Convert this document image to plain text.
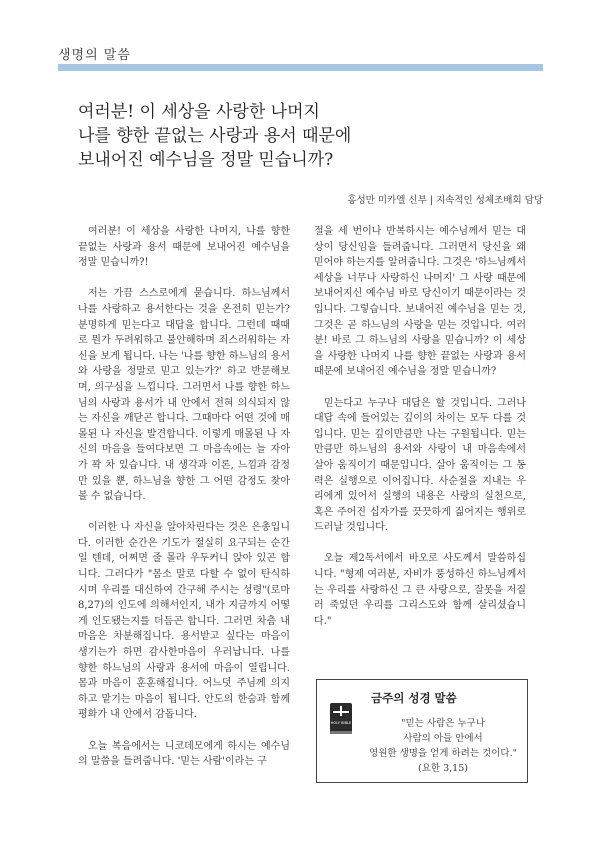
생명의 말씀
여러분! 이 세상을 사랑한 나머지
나를 향한 끝없는 사랑과 용서 때문에
보내어진 예수님을 정말 믿습니까?
홍성만 미카엘 신부 | 지속적인 성체조배회 담당

여러분! 이 세상을 사랑한 나머지, 나를 향한 끝없는 사랑과 용서 때문에 보내어진 예수님을 정말 믿습니까?!

저는 가끔 스스로에게 묻습니다. 하느님께서 나를 사랑하고 용서한다는 것을 온전히 믿는가? 분명하게 믿는다고 대답을 합니다. 그런데 때때로 뭔가 두려워하고 불안해하며 죄스러워하는 자신을 보게 됩니다. 나는 '나를 향한 하느님의 용서와 사랑을 정말로 믿고 있는가?' 하고 반문해보며, 의구심을 느낍니다. 그러면서 나를 향한 하느님의 사랑과 용서가 내 안에서 전혀 의식되지 않는 자신을 깨닫곤 합니다. 그때마다 어떤 것에 매몰된 나 자신을 발견합니다. 이렇게 매몰된 나 자신의 마음을 들여다보면 그 마음속에는 늘 자아가 꽉 차 있습니다. 내 생각과 이론, 느낌과 감정만 있을 뿐, 하느님을 향한 그 어떤 감정도 찾아볼 수 없습니다.

이러한 나 자신을 알아차린다는 것은 은총입니다. 이러한 순간은 기도가 절실히 요구되는 순간일 텐데, 어쩌면 줄 몰라 우두커니 앉아 있곤 합니다. 그러다가 "몸소 말로 다할 수 없이 탄식하시며 우리를 대신하여 간구해 주시는 성령"(로마 8,27)의 인도에 의해서인지, 내가 지금까지 어떻게 인도됐는지를 더듬곤 합니다. 그러면 차츰 내 마음은 차분해집니다. 용서받고 싶다는 마음이 생기는가 하면 감사한마음이 우러납니다. 나를 향한 하느님의 사랑과 용서에 마음이 열립니다. 몸과 마음이 훈훈해집니다. 어느덧 주님께 의지하고 맡기는 마음이 됩니다. 안도의 한숨과 함께 평화가 내 안에서 감돕니다.

오늘 복음에서는 니코데모에게 하시는 예수님의 말씀을 들려줍니다. '믿는 사람'이라는 구

절을 세 번이나 반복하시는 예수님께서 믿는 대상이 당신임을 들려줍니다. 그러면서 당신을 왜 믿어야 하는지를 알려줍니다. 그것은 '하느님께서 세상을 너무나 사랑하신 나머지' 그 사랑 때문에 보내어지신 예수님 바로 당신이기 때문이라는 것입니다. 그렇습니다. 보내어진 예수님을 믿는 것, 그것은 곧 하느님의 사랑을 믿는 것입니다. 여러분! 바로 그 하느님의 사랑을 믿습니까? 이 세상을 사랑한 나머지 나를 향한 끝없는 사랑과 용서 때문에 보내어진 예수님을 정말 믿습니까?

믿는다고 누구나 대답은 할 것입니다. 그러나 대답 속에 들어있는 깊이의 차이는 모두 다를 것입니다. 믿는 깊이만큼만 나는 구원됩니다. 믿는 만큼만 하느님의 용서와 사랑이 내 마음속에서 살아 움직이기 때문입니다. 살아 움직이는 그 동력은 실행으로 이어집니다. 사순절을 지내는 우리에게 있어서 실행의 내용은 사랑의 실천으로, 혹은 주어진 십자가를 끗끗하게 짊어지는 행위로 드러날 것입니다.

오늘 제2독서에서 바오로 사도께서 말씀하십니다. "형제 여러분, 자비가 풍성하신 하느님께서는 우리를 사랑하신 그 큰 사랑으로, 잘못을 저질러 죽었던 우리를 그리스도와 함께 살리셨습니다."

HOLY BIBLE
금주의 성경 말씀
"믿는 사람은 누구나
사람의 아들 안에서
영원한 생명을 얻게 하려는 것이다."
(요한 3,15)
